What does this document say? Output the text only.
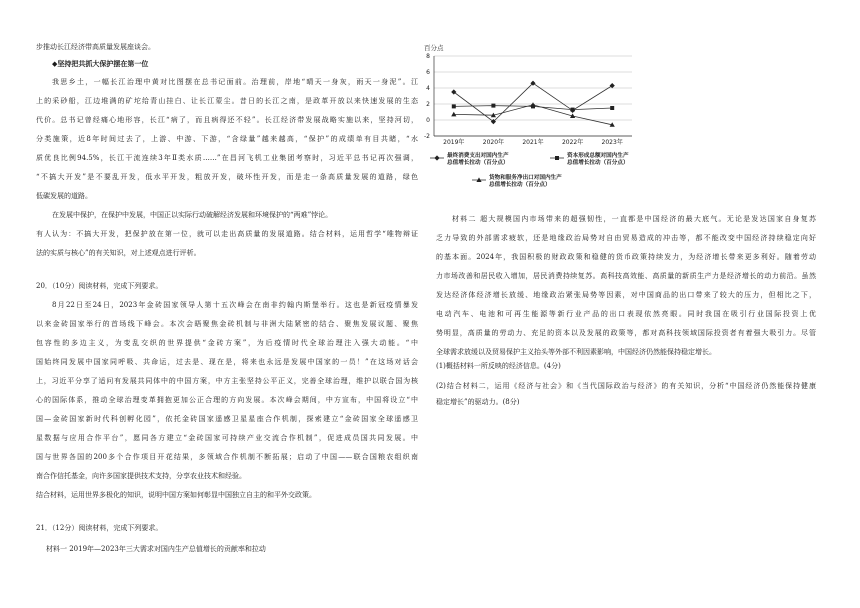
步推动长江经济带高质量发展座谈会。
◆坚持把共抓大保护摆在第一位
我思乡土，一幅长江治理中黄对比图摆在总书记面前。治理前，岸地“晴天一身灰，雨天一身泥”。江
上的采砂船，江边堆满的矿坨给青山挂白、让长江蒙尘。昔日的长江之南，是政革开放以来快速发展的生态
代价。总书记曾经痛心地形容，长江“病了，而且病得还不轻”。长江经济带发展战略实施以来，坚持河切，
分类施策，近8年时间过去了，上游、中游、下游，“含绿量”越来越高，“保护”的成绩单有目共睹，“水
质优良比例94.5%，长江干流连续3年Ⅱ类水质……”在昌河飞机工业集团考察时，习近平总书记再次强调，
“不搞大开发”是不要乱开发，低水平开发，粗放开发，破坏性开发，而是走一条高质量发展的道路，绿色
低碳发展的道路。
在发展中保护，在保护中发展，中国正以实际行动破解经济发展和环境保护的“两难”悖论。
有人认为：不搞大开发，把保护放在第一位，就可以走出高质量的发展道路。结合材料，运用哲学“唯物辩证
法的实质与核心”的有关知识，对上述观点进行评析。
20．（10分）阅读材料，完成下列要求。
8月22日至24日，2023年金砖国家领导人第十五次峰会在南非约翰内斯堡举行。这也是新冠疫情暴发
以来金砖国家举行的首场线下峰会。本次会晤聚焦金砖机制与非洲大陆紧密的结合、聚焦发展议题、聚焦
包容性的多边主义，为变乱交织的世界提供“金砖方案”，为后疫情时代全球治理注入强大动能。“中
国始终同发展中国家同呼吸、共命运，过去是、现在是，将来也永远是发展中国家的一员！”在这场对话会
上，习近平分享了适问有发展共同体中的中国方案，中方主张坚持公平正义，完善全球治理，维护以联合国为核
心的国际体系，推动全球治理变革拥抱更加公正合理的方向发展。本次峰会期间，中方宣布，中国将设立“中
国—金砖国家新时代科创孵化园”，依托金砖国家遥感卫星星座合作机制，探索建立“金砖国家全球遥感卫
星数据与应用合作平台”，愿同各方建立“金砖国家可持续产业交流合作机制”，促进成员国共同发展。中
国与世界各国的200多个合作项目开花结果，多领域合作机制不断拓展；启动了中国——联合国粮农组织南
南合作信托基金，向许多国家提供技术支持，分享农业技术和经验。
结合材料，运用世界多极化的知识，说明中国方案如何彰显中国独立自主的和平外交政策。
21．（12分）阅读材料，完成下列要求。
材料一 2019年—2023年三大需求对国内生产总值增长的贡献率和拉动
百分点
-2
0
2
4
6
8
2019年	2020年	2021年	2022年	2023年
最终消费支出对国内生产
总值增长拉动（百分点）
资本形成总额对国内生产
总值增长拉动（百分点）
货物和服务净出口对国内生产
总值增长拉动（百分点）
材料二 超大规模国内市场带来的超强韧性，一直都是中国经济的最大底气。无论是发达国家自身复苏
乏力导致的外部需求疲软，还是地缘政治局势对自由贸易造成的冲击等，都不能改变中国经济持续稳定向好
的基本面。2024年，我国积极的财政政策和稳健的货币政策持续发力，为经济增长带来更多利好。随着劳动
力市场改善和居民收入增加，居民消费持续复苏。高科技高效能、高质量的新质生产力是经济增长的动力前沿。虽然
发达经济体经济增长放缓、地缘政治紧张局势等因素，对中国商品的出口带来了较大的压力，但相比之下，
电动汽车、电池和可再生能源等新行业产品的出口表现依然亮眼。同时我国在吸引行业国际投资上优
势明显，高质量的劳动力、充足的资本以及发展的政策等，都对高科技领域国际投资者有着强大吸引力。尽管
全球需求放缓以及贸易保护主义抬头等外部不利因素影响，中国经济仍然能保持稳定增长。
(1)概括材料一所反映的经济信息。(4分)
(2)结合材料二，运用《经济与社会》和《当代国际政治与经济》的有关知识，分析“中国经济仍然能保持健康
稳定增长”的驱动力。(8分)
